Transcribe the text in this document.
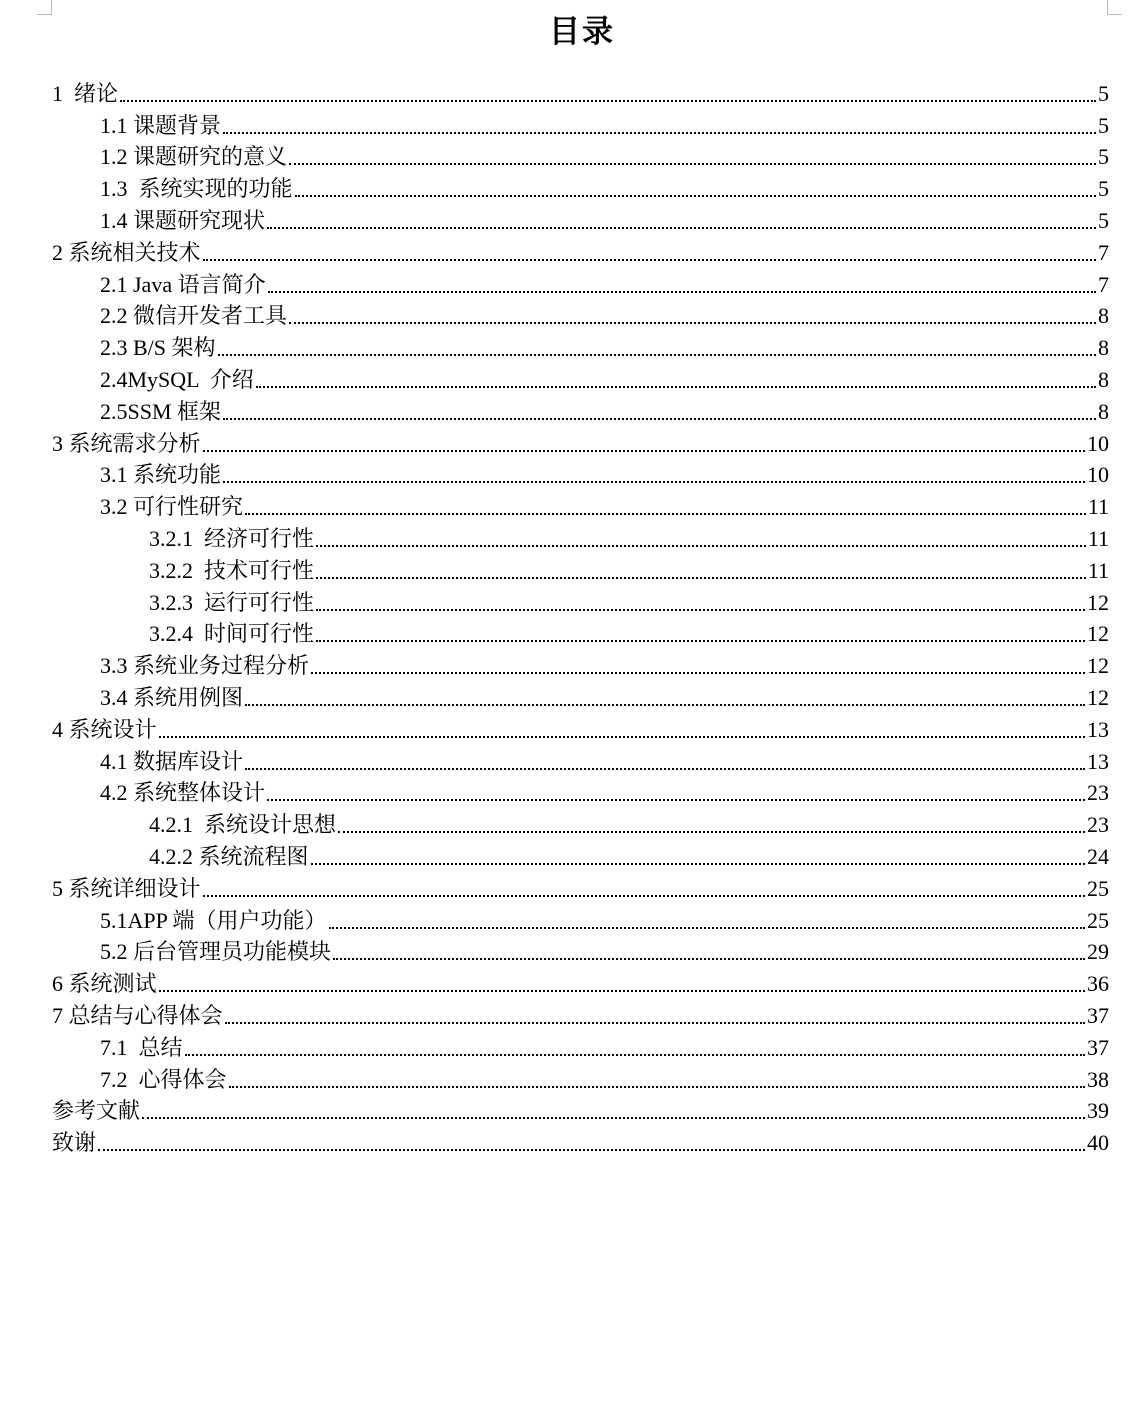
目录
1  绪论	5
1.1 课题背景	5
1.2 课题研究的意义	5
1.3  系统实现的功能	5
1.4 课题研究现状	5
2 系统相关技术	7
2.1 Java 语言简介	7
2.2 微信开发者工具	8
2.3 B/S 架构	8
2.4MySQL  介绍	8
2.5SSM 框架	8
3 系统需求分析	10
3.1 系统功能	10
3.2 可行性研究	11
3.2.1  经济可行性	11
3.2.2  技术可行性	11
3.2.3  运行可行性	12
3.2.4  时间可行性	12
3.3 系统业务过程分析	12
3.4 系统用例图	12
4 系统设计	13
4.1 数据库设计	13
4.2 系统整体设计	23
4.2.1  系统设计思想	23
4.2.2 系统流程图	24
5 系统详细设计	25
5.1APP 端（用户功能）	25
5.2 后台管理员功能模块	29
6 系统测试	36
7 总结与心得体会	37
7.1  总结	37
7.2  心得体会	38
参考文献	39
致谢	40
